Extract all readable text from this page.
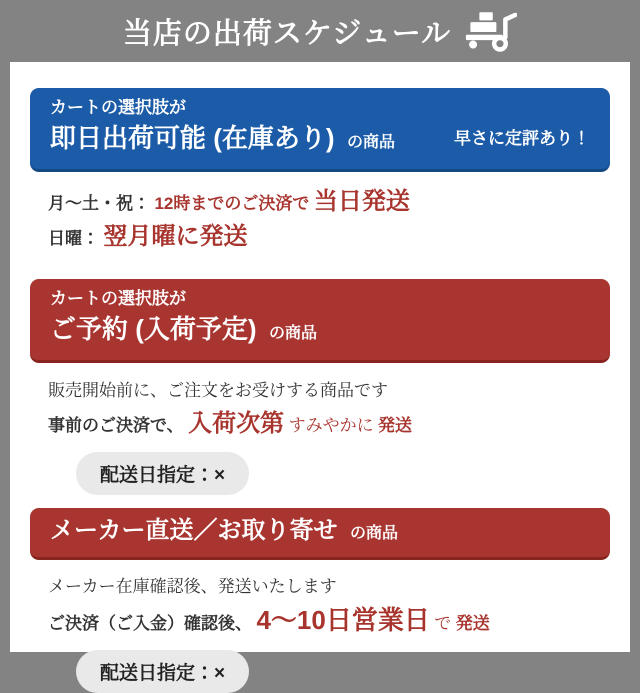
当店の出荷スケジュール
カートの選択肢が
即日出荷可能 (在庫あり) の商品	早さに定評あり！
月～土・祝： 12時までのご決済で 当日発送
日曜： 翌月曜に発送
カートの選択肢が
ご予約 (入荷予定) の商品
販売開始前に、ご注文をお受けする商品です
事前のご決済で、 入荷次第 すみやかに 発送
配送日指定：×
メーカー直送／お取り寄せ の商品
メーカー在庫確認後、発送いたします
ご決済（ご入金）確認後、 4～10日営業日 で 発送
配送日指定：×
